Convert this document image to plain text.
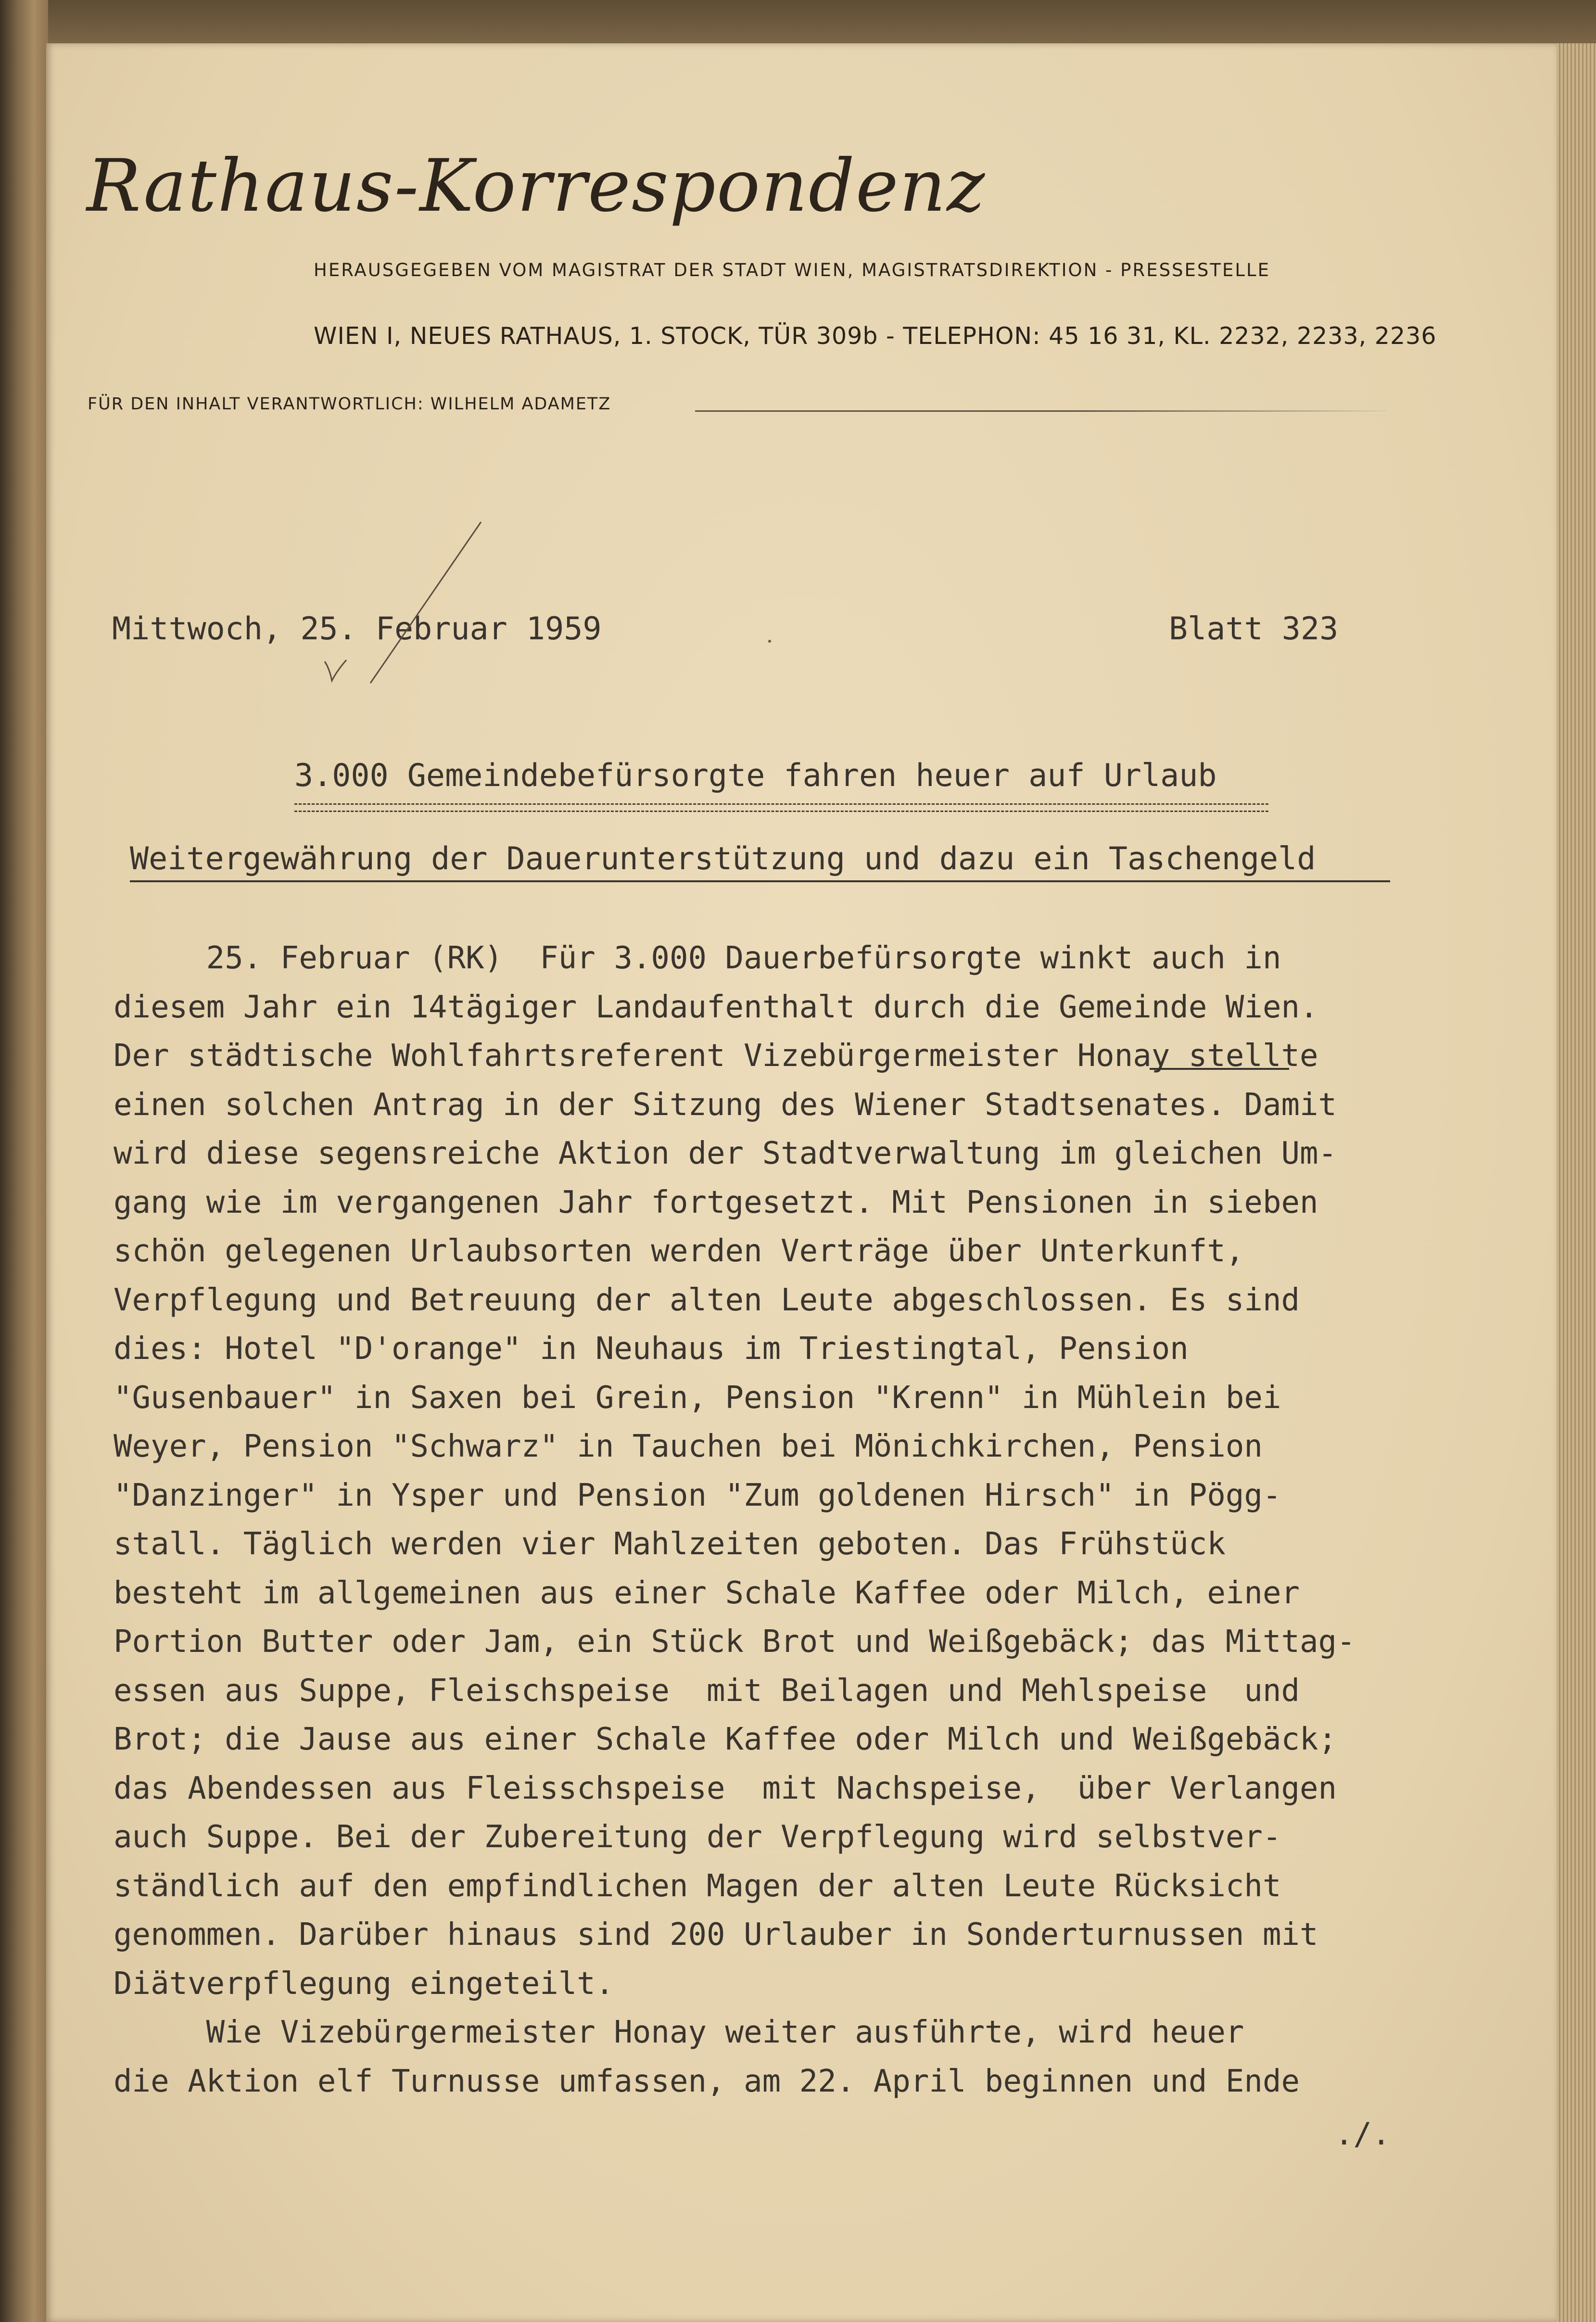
Rathaus-Korrespondenz
HERAUSGEGEBEN VOM MAGISTRAT DER STADT WIEN, MAGISTRATSDIREKTION - PRESSESTELLE
WIEN I, NEUES RATHAUS, 1. STOCK, TÜR 309b - TELEPHON: 45 16 31, KL. 2232, 2233, 2236
FÜR DEN INHALT VERANTWORTLICH: WILHELM ADAMETZ
Mittwoch, 25. Februar 1959	Blatt 323
3.000 Gemeindebefürsorgte fahren heuer auf Urlaub
Weitergewährung der Dauerunterstützung und dazu ein Taschengeld
25. Februar (RK)  Für 3.000 Dauerbefürsorgte winkt auch in
diesem Jahr ein 14tägiger Landaufenthalt durch die Gemeinde Wien.
Der städtische Wohlfahrtsreferent Vizebürgermeister Honay stellte
einen solchen Antrag in der Sitzung des Wiener Stadtsenates. Damit
wird diese segensreiche Aktion der Stadtverwaltung im gleichen Um-
gang wie im vergangenen Jahr fortgesetzt. Mit Pensionen in sieben
schön gelegenen Urlaubsorten werden Verträge über Unterkunft,
Verpflegung und Betreuung der alten Leute abgeschlossen. Es sind
dies: Hotel "D'orange" in Neuhaus im Triestingtal, Pension
"Gusenbauer" in Saxen bei Grein, Pension "Krenn" in Mühlein bei
Weyer, Pension "Schwarz" in Tauchen bei Mönichkirchen, Pension
"Danzinger" in Ysper und Pension "Zum goldenen Hirsch" in Pögg-
stall. Täglich werden vier Mahlzeiten geboten. Das Frühstück
besteht im allgemeinen aus einer Schale Kaffee oder Milch, einer
Portion Butter oder Jam, ein Stück Brot und Weißgebäck; das Mittag-
essen aus Suppe, Fleischspeise  mit Beilagen und Mehlspeise  und
Brot; die Jause aus einer Schale Kaffee oder Milch und Weißgebäck;
das Abendessen aus Fleisschspeise  mit Nachspeise,  über Verlangen
auch Suppe. Bei der Zubereitung der Verpflegung wird selbstver-
ständlich auf den empfindlichen Magen der alten Leute Rücksicht
genommen. Darüber hinaus sind 200 Urlauber in Sonderturnussen mit
Diätverpflegung eingeteilt.
Wie Vizebürgermeister Honay weiter ausführte, wird heuer
die Aktion elf Turnusse umfassen, am 22. April beginnen und Ende
./.
